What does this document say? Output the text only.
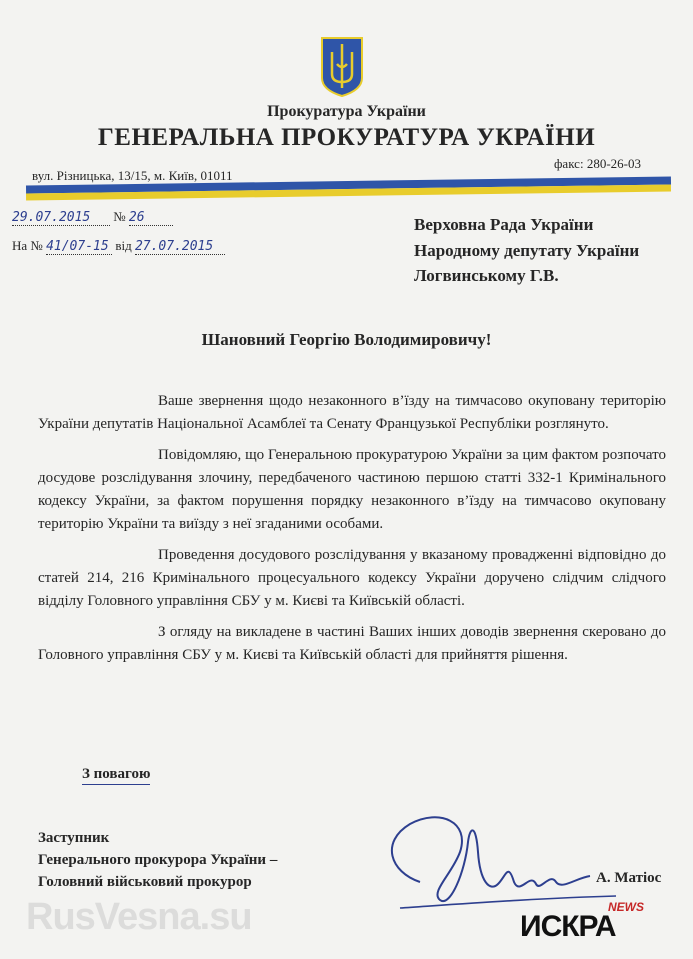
Прокуратура України
ГЕНЕРАЛЬНА ПРОКУРАТУРА УКРАЇНИ
вул. Різницька, 13/15, м. Київ, 01011
факс: 280-26-03
29.07.2015 № 26
На № 41/07-15 від 27.07.2015
Верховна Рада України
Народному депутату України
Логвинському Г.В.
Шановний Георгію Володимировичу!

Ваше звернення щодо незаконного в’їзду на тимчасово окуповану територію України депутатів Національної Асамблеї та Сенату Французької Республіки розглянуто.

Повідомляю, що Генеральною прокуратурою України за цим фактом розпочато досудове розслідування злочину, передбаченого частиною першою статті 332-1 Кримінального кодексу України, за фактом порушення порядку незаконного в’їзду на тимчасово окуповану територію України та виїзду з неї згаданими особами.

Проведення досудового розслідування у вказаному провадженні відповідно до статей 214, 216 Кримінального процесуального кодексу України доручено слідчим слідчого відділу Головного управління СБУ у м. Києві та Київській області.

З огляду на викладене в частині Ваших інших доводів звернення скеровано до Головного управління СБУ у м. Києві та Київській області для прийняття рішення.

З повагою
Заступник
Генерального прокурора України –
Головний військовий прокурор	А. Матіос
RusVesna.su	NEWS
ИСКРА
